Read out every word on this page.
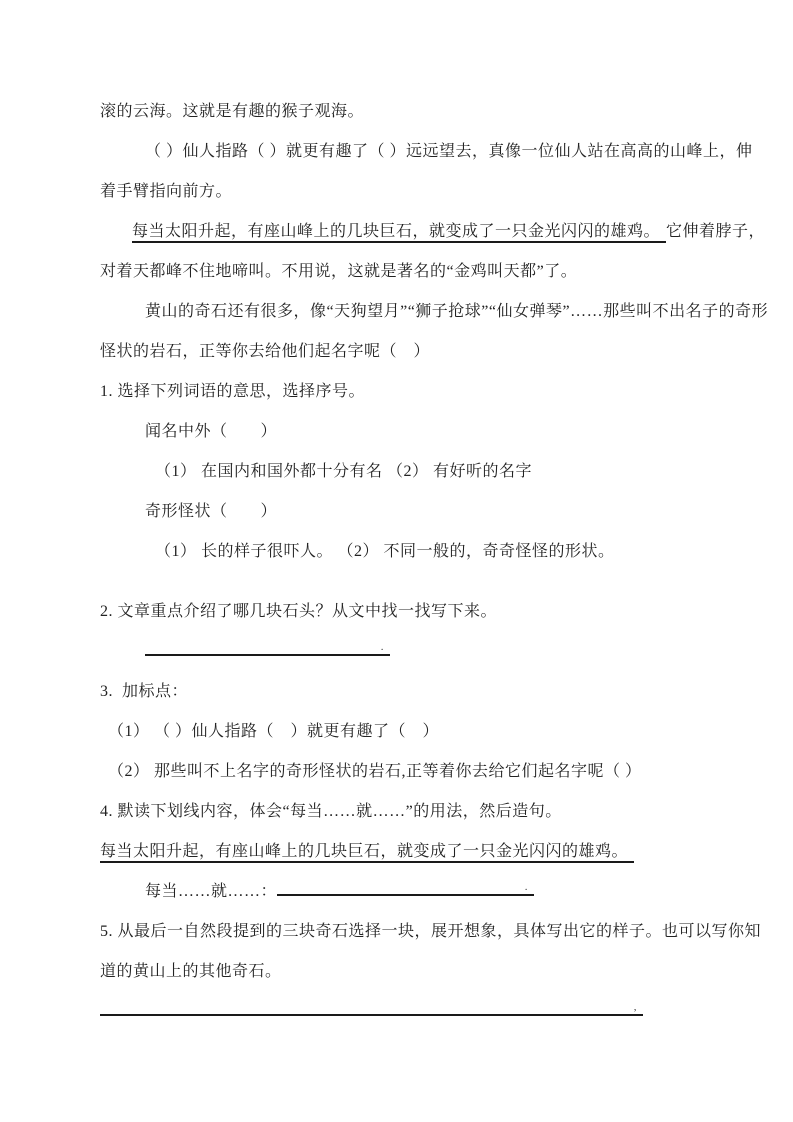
滚的云海。这就是有趣的猴子观海。
（ ）仙人指路（ ）就更有趣了（ ）远远望去，真像一位仙人站在高高的山峰上，伸
着手臂指向前方。
每当太阳升起，有座山峰上的几块巨石，就变成了一只金光闪闪的雄鸡。 它伸着脖子，
对着天都峰不住地啼叫。不用说，这就是著名的“金鸡叫天都”了。
黄山的奇石还有很多，像“天狗望月”“狮子抢球”“仙女弹琴”……那些叫不出名子的奇形
怪状的岩石，正等你去给他们起名字呢（　）
1. 选择下列词语的意思，选择序号。
闻名中外（　　）
（1） 在国内和国外都十分有名 （2） 有好听的名字
奇形怪状（　　）
（1） 长的样子很吓人。 （2） 不同一般的，奇奇怪怪的形状。
2. 文章重点介绍了哪几块石头？从文中找一找写下来。
.
3.  加标点：
（1） （ ）仙人指路（　）就更有趣了（　）
（2） 那些叫不上名字的奇形怪状的岩石,正等着你去给它们起名字呢（ ）
4. 默读下划线内容，体会“每当……就……”的用法，然后造句。
每当太阳升起，有座山峰上的几块巨石，就变成了一只金光闪闪的雄鸡。
每当……就……：	.
5. 从最后一自然段提到的三块奇石选择一块，展开想象，具体写出它的样子。也可以写你知
道的黄山上的其他奇石。
,
